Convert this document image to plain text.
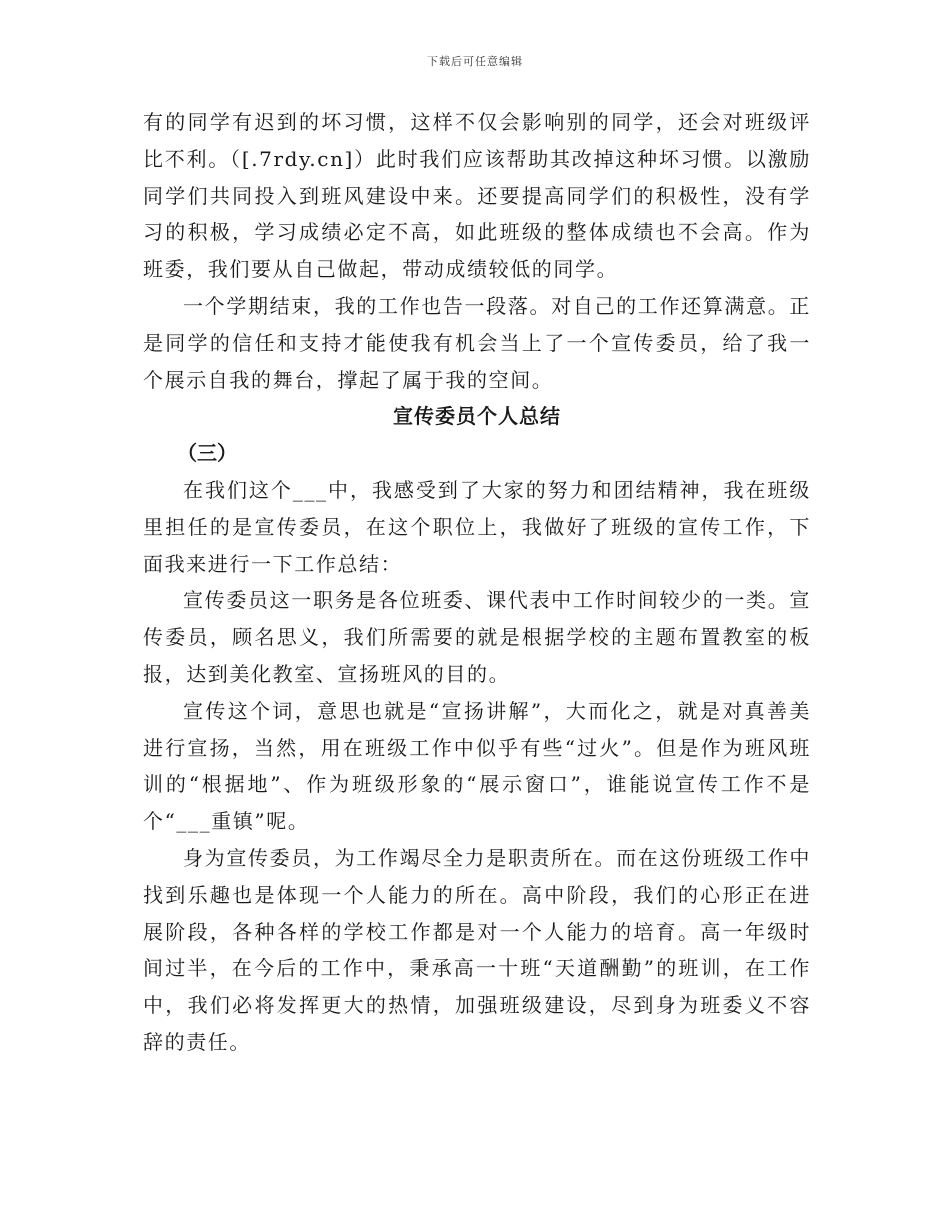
下载后可任意编辑

有的同学有迟到的坏习惯，这样不仅会影响别的同学，还会对班级评比不利。（[.7rdy.cn]）此时我们应该帮助其改掉这种坏习惯。以激励同学们共同投入到班风建设中来。还要提高同学们的积极性，没有学习的积极，学习成绩必定不高，如此班级的整体成绩也不会高。作为班委，我们要从自己做起，带动成绩较低的同学。

一个学期结束，我的工作也告一段落。对自己的工作还算满意。正是同学的信任和支持才能使我有机会当上了一个宣传委员，给了我一个展示自我的舞台，撑起了属于我的空间。

宣传委员个人总结

（三）

在我们这个___中，我感受到了大家的努力和团结精神，我在班级里担任的是宣传委员，在这个职位上，我做好了班级的宣传工作，下面我来进行一下工作总结：

宣传委员这一职务是各位班委、课代表中工作时间较少的一类。宣传委员，顾名思义，我们所需要的就是根据学校的主题布置教室的板报，达到美化教室、宣扬班风的目的。

宣传这个词，意思也就是“宣扬讲解”，大而化之，就是对真善美进行宣扬，当然，用在班级工作中似乎有些“过火”。但是作为班风班训的“根据地”、作为班级形象的“展示窗口”，谁能说宣传工作不是个“___重镇”呢。

身为宣传委员，为工作竭尽全力是职责所在。而在这份班级工作中找到乐趣也是体现一个人能力的所在。高中阶段，我们的心形正在进展阶段，各种各样的学校工作都是对一个人能力的培育。高一年级时间过半，在今后的工作中，秉承高一十班“天道酬勤”的班训，在工作中，我们必将发挥更大的热情，加强班级建设，尽到身为班委义不容辞的责任。
